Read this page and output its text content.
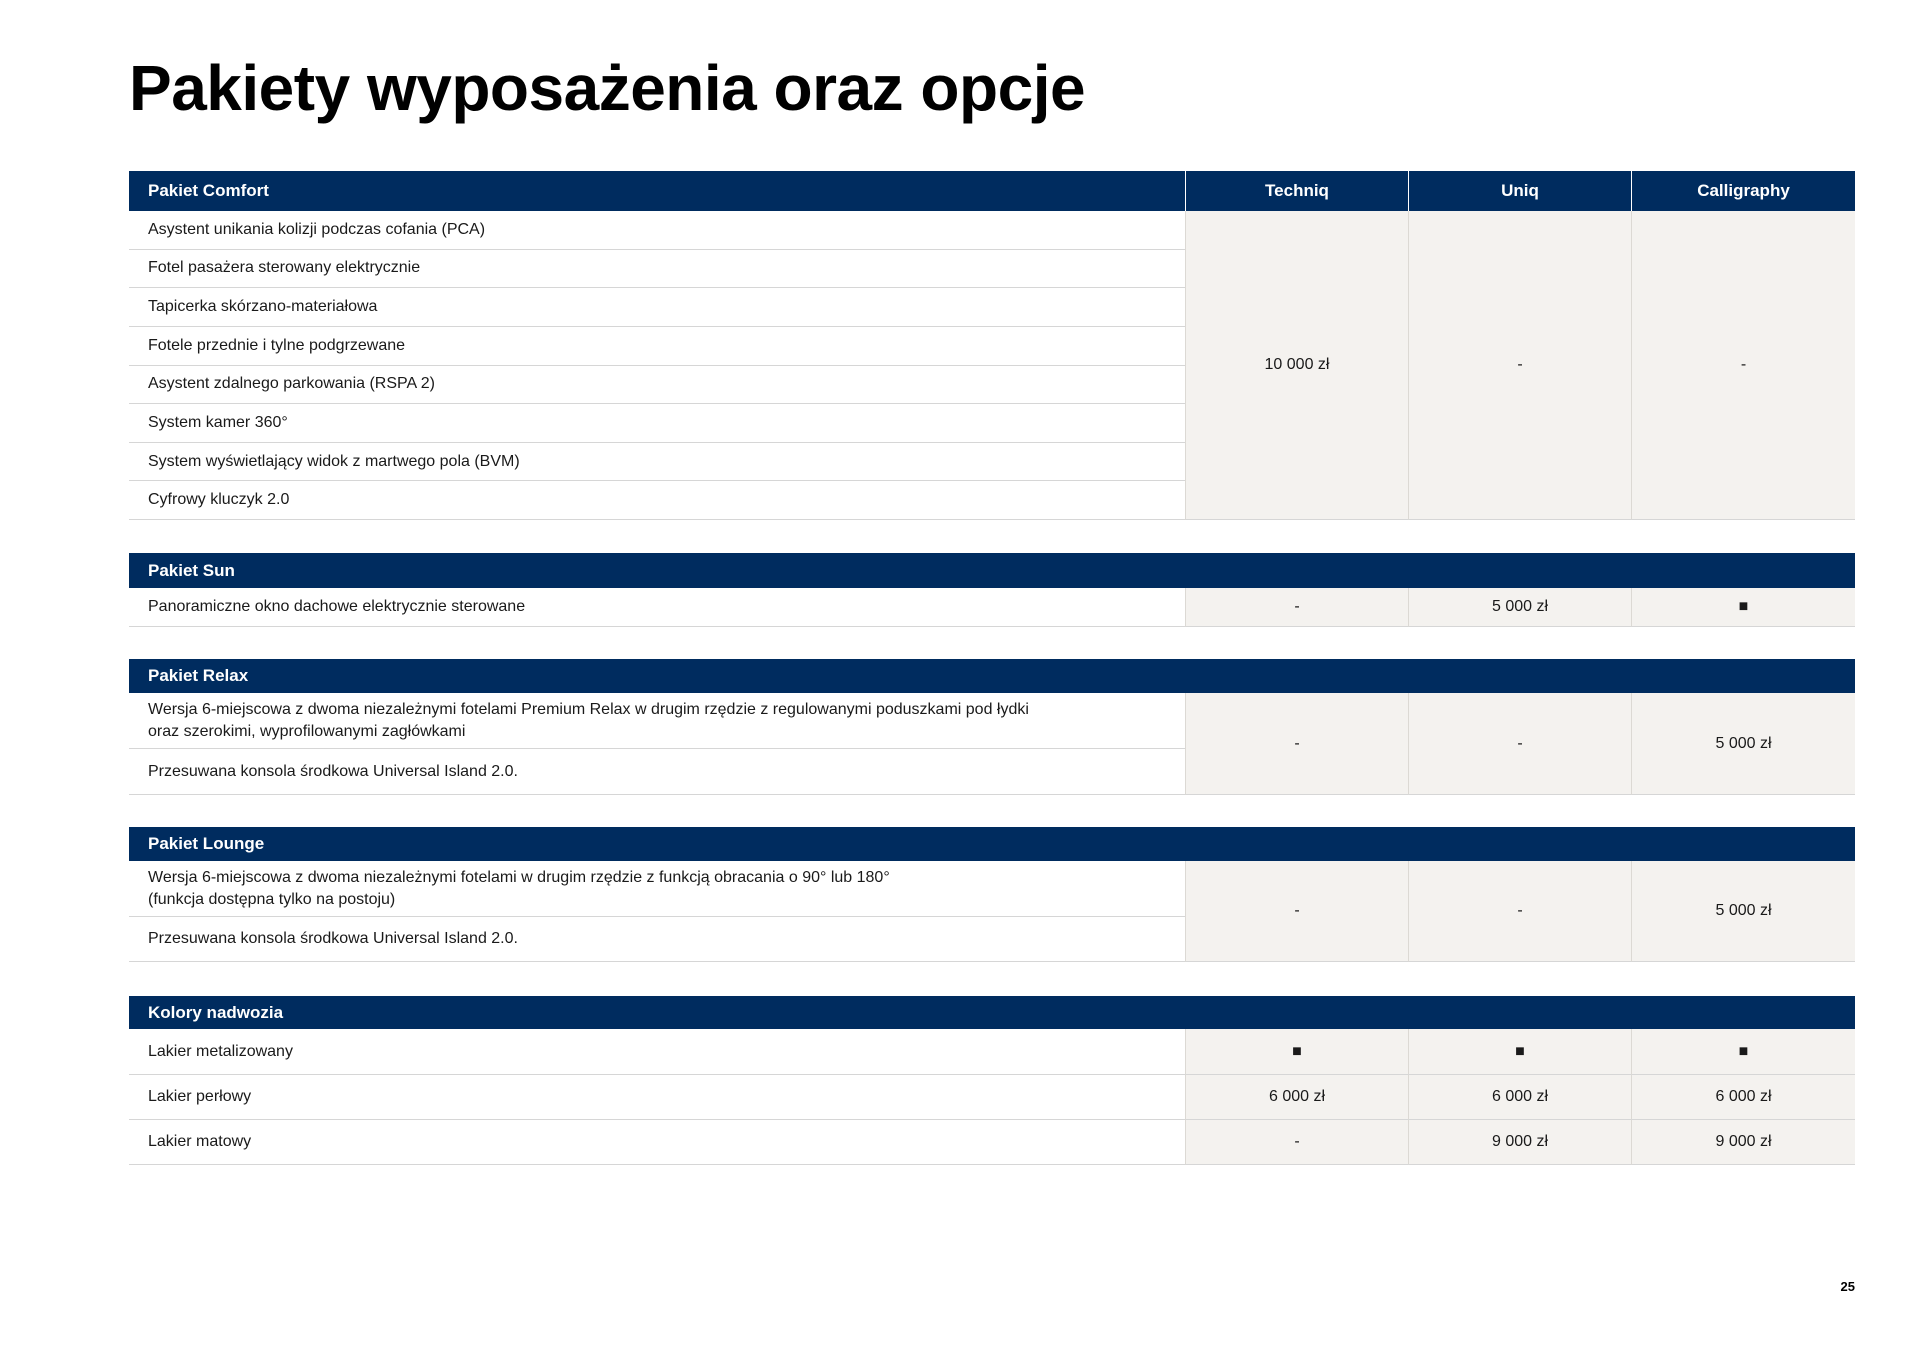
Pakiety wyposażenia oraz opcje
Pakiet Comfort	Techniq	Uniq	Calligraphy
Asystent unikania kolizji podczas cofania (PCA)
Fotel pasażera sterowany elektrycznie
Tapicerka skórzano-materiałowa
Fotele przednie i tylne podgrzewane
Asystent zdalnego parkowania (RSPA 2)
System kamer 360°
System wyświetlający widok z martwego pola (BVM)
Cyfrowy kluczyk 2.0
10 000 zł	-	-
Pakiet Sun
Panoramiczne okno dachowe elektrycznie sterowane	-	5 000 zł	■
Pakiet Relax
Wersja 6-miejscowa z dwoma niezależnymi fotelami Premium Relax w drugim rzędzie z regulowanymi poduszkami pod łydki
oraz szerokimi, wyprofilowanymi zagłówkami
Przesuwana konsola środkowa Universal Island 2.0.
-	-	5 000 zł
Pakiet Lounge
Wersja 6-miejscowa z dwoma niezależnymi fotelami w drugim rzędzie z funkcją obracania o 90° lub 180°
(funkcja dostępna tylko na postoju)
Przesuwana konsola środkowa Universal Island 2.0.
-	-	5 000 zł
Kolory nadwozia
Lakier metalizowany	■	■	■
Lakier perłowy	6 000 zł	6 000 zł	6 000 zł
Lakier matowy	-	9 000 zł	9 000 zł
25
